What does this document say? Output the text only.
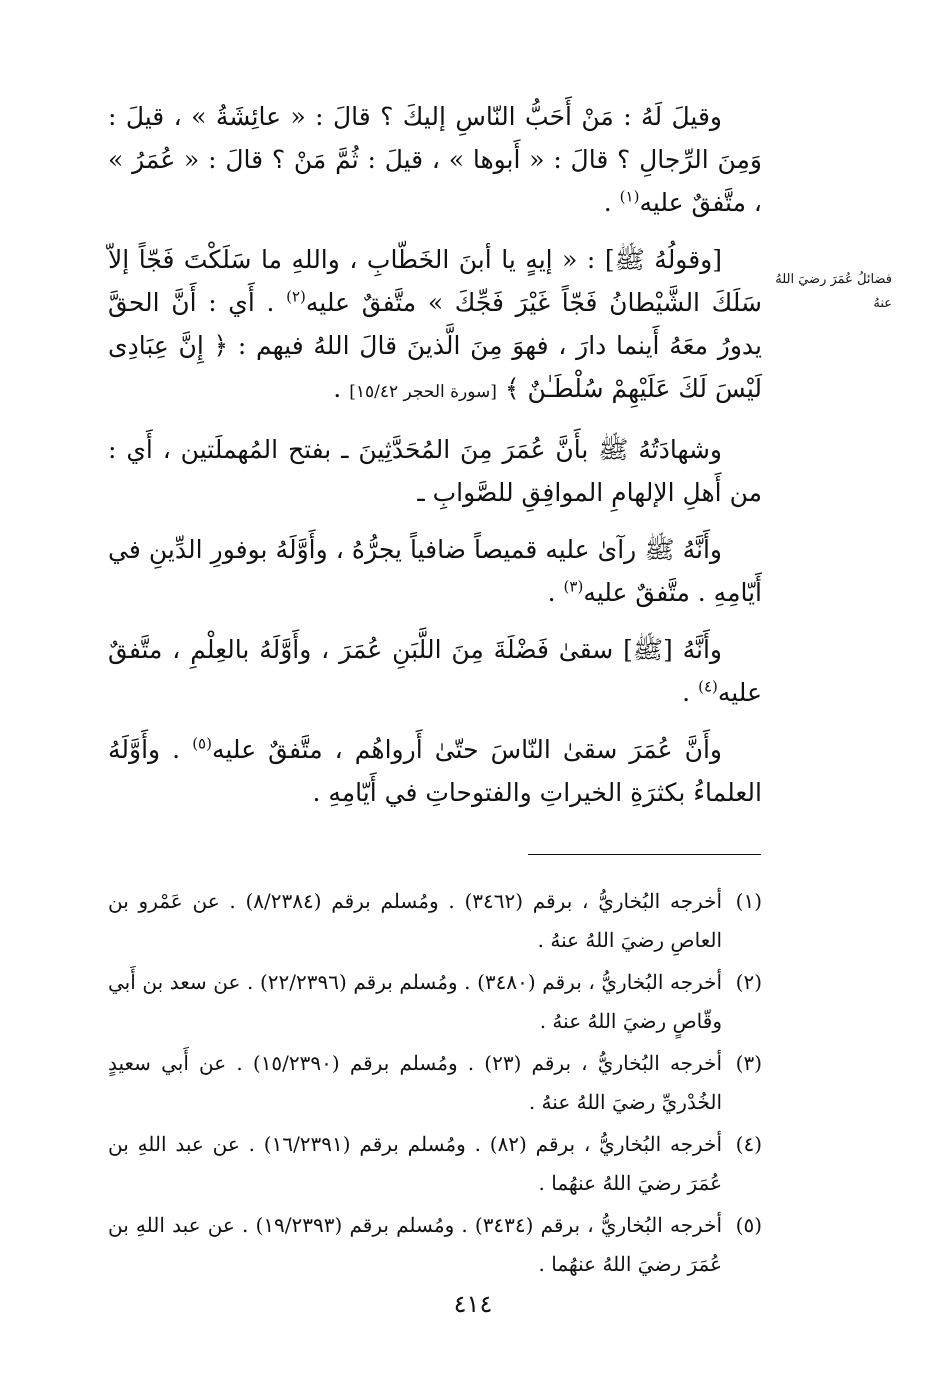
فضائلُ عُمَرَ رضيَ اللهُ عنهُ

وقيلَ لَهُ : مَنْ أَحَبُّ النّاسِ إليكَ ؟ قالَ : « عائِشَةُ » ، قيلَ : وَمِنَ الرِّجالِ ؟ قالَ : « أَبوها » ، قيلَ : ثُمَّ مَنْ ؟ قالَ : « عُمَرُ » ، متَّفقٌ عليه$^{(١)}$ .

[وقولُهُ ﷺ] : « إيهٍ يا أبنَ الخَطّابِ ، واللهِ ما سَلَكْتَ فَجّاً إلاّ سَلَكَ الشَّيْطانُ فَجّاً غَيْرَ فَجِّكَ » متَّفقٌ عليه$^{(٢)}$ . أَي : أَنَّ الحقَّ يدورُ معَهُ أَينما دارَ ، فهوَ مِنَ الَّذينَ قالَ اللهُ فيهم : ﴿ إِنَّ عِبَادِى لَيْسَ لَكَ عَلَيْهِمْ سُلْطَـٰنٌ ﴾ [سورة الحجر ١٥/٤٢] .

وشهادَتُهُ ﷺ بأَنَّ عُمَرَ مِنَ المُحَدَّثِينَ ـ بفتح المُهملَتين ، أَي : من أَهلِ الإلهامِ الموافِقِ للصَّوابِ ـ

وأَنَّهُ ﷺ رآىٰ عليه قميصاً ضافياً يجرُّهُ ، وأَوَّلَهُ بوفورِ الدِّينِ في أَيّامِهِ . متَّفقٌ عليه$^{(٣)}$ .

وأَنَّهُ [ﷺ] سقىٰ فَضْلَةَ مِنَ اللَّبَنِ عُمَرَ ، وأَوَّلَهُ بالعِلْمِ ، متَّفقٌ عليه$^{(٤)}$ .

وأَنَّ عُمَرَ سقىٰ النّاسَ حتّىٰ أَرواهُم ، متَّفقٌ عليه$^{(٥)}$ . وأَوَّلَهُ العلماءُ بكثرَةِ الخيراتِ والفتوحاتِ في أَيّامِهِ .

(١)
أخرجه البُخاريُّ ، برقم (٣٤٦٢) . ومُسلم برقم (٨/٢٣٨٤) . عن عَمْرو بن العاصِ رضيَ اللهُ عنهُ .
(٢)
أخرجه البُخاريُّ ، برقم (٣٤٨٠) . ومُسلم برقم (٢٢/٢٣٩٦) . عن سعد بن أَبي وقّاصٍ رضيَ اللهُ عنهُ .
(٣)
أخرجه البُخاريُّ ، برقم (٢٣) . ومُسلم برقم (١٥/٢٣٩٠) . عن أَبي سعيدٍ الخُدْريِّ رضيَ اللهُ عنهُ .
(٤)
أخرجه البُخاريُّ ، برقم (٨٢) . ومُسلم برقم (١٦/٢٣٩١) . عن عبد اللهِ بن عُمَرَ رضيَ اللهُ عنهُما .
(٥)
أخرجه البُخاريُّ ، برقم (٣٤٣٤) . ومُسلم برقم (١٩/٢٣٩٣) . عن عبد اللهِ بن عُمَرَ رضيَ اللهُ عنهُما .
٤١٤
